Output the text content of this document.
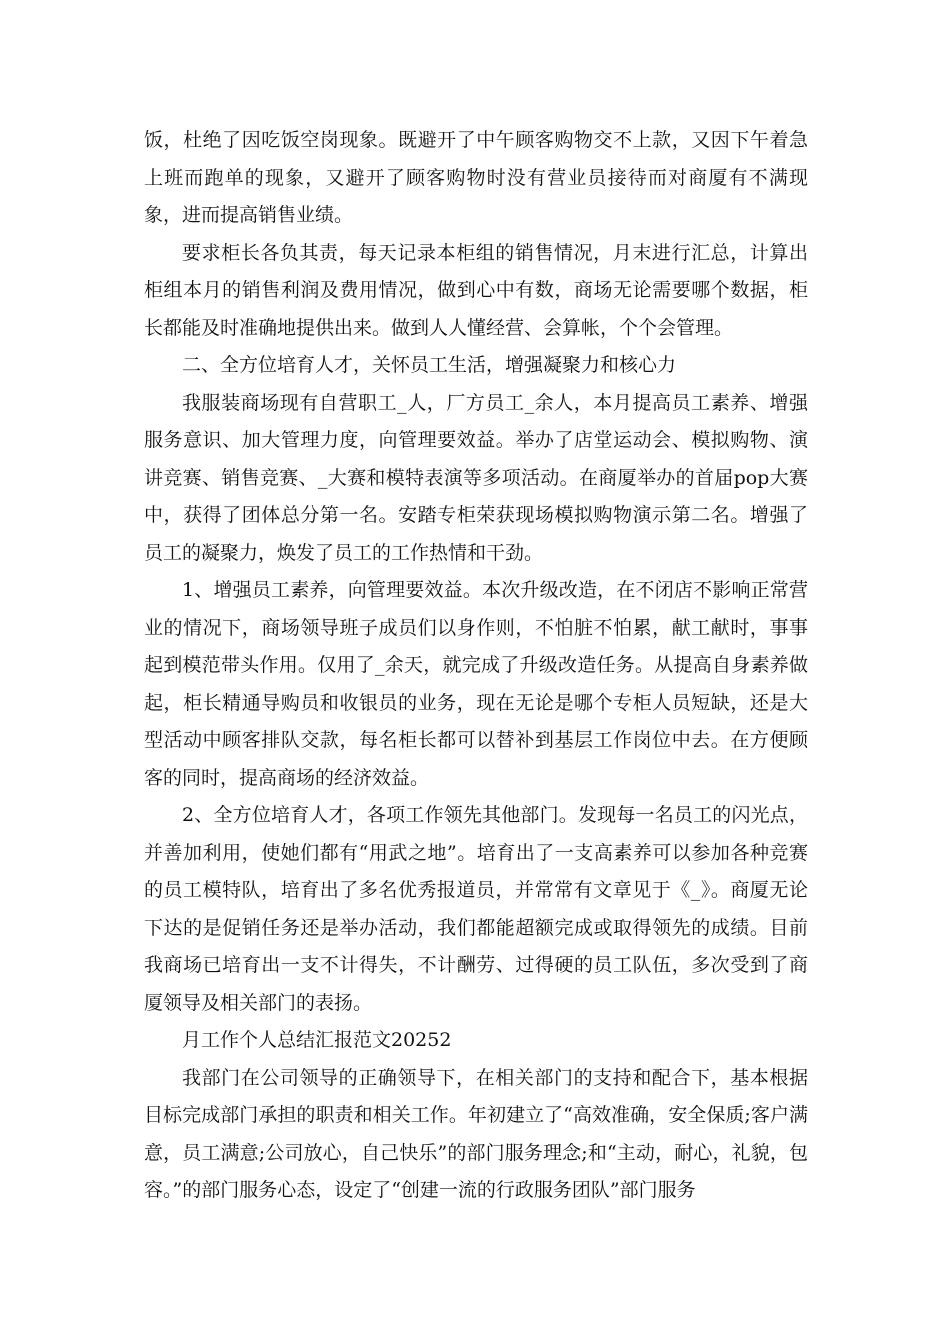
饭，杜绝了因吃饭空岗现象。既避开了中午顾客购物交不上款，又因下午着急上班而跑单的现象，又避开了顾客购物时没有营业员接待而对商厦有不满现象，进而提高销售业绩。

要求柜长各负其责，每天记录本柜组的销售情况，月末进行汇总，计算出柜组本月的销售利润及费用情况，做到心中有数，商场无论需要哪个数据，柜长都能及时准确地提供出来。做到人人懂经营、会算帐，个个会管理。

二、全方位培育人才，关怀员工生活，增强凝聚力和核心力

我服装商场现有自营职工_人，厂方员工_余人，本月提高员工素养、增强服务意识、加大管理力度，向管理要效益。举办了店堂运动会、模拟购物、演讲竞赛、销售竞赛、_大赛和模特表演等多项活动。在商厦举办的首届pop大赛中，获得了团体总分第一名。安踏专柜荣获现场模拟购物演示第二名。增强了员工的凝聚力，焕发了员工的工作热情和干劲。

1、增强员工素养，向管理要效益。本次升级改造，在不闭店不影响正常营业的情况下，商场领导班子成员们以身作则，不怕脏不怕累，献工献时，事事起到模范带头作用。仅用了_余天，就完成了升级改造任务。从提高自身素养做起，柜长精通导购员和收银员的业务，现在无论是哪个专柜人员短缺，还是大型活动中顾客排队交款，每名柜长都可以替补到基层工作岗位中去。在方便顾客的同时，提高商场的经济效益。

2、全方位培育人才，各项工作领先其他部门。发现每一名员工的闪光点，并善加利用，使她们都有“用武之地”。培育出了一支高素养可以参加各种竞赛的员工模特队，培育出了多名优秀报道员，并常常有文章见于《_》。商厦无论下达的是促销任务还是举办活动，我们都能超额完成或取得领先的成绩。目前我商场已培育出一支不计得失，不计酬劳、过得硬的员工队伍，多次受到了商厦领导及相关部门的表扬。

月工作个人总结汇报范文20252

我部门在公司领导的正确领导下，在相关部门的支持和配合下，基本根据目标完成部门承担的职责和相关工作。年初建立了“高效准确，安全保质;客户满意，员工满意;公司放心，自己快乐”的部门服务理念;和“主动，耐心，礼貌，包容。”的部门服务心态，设定了“创建一流的行政服务团队”部门服务
